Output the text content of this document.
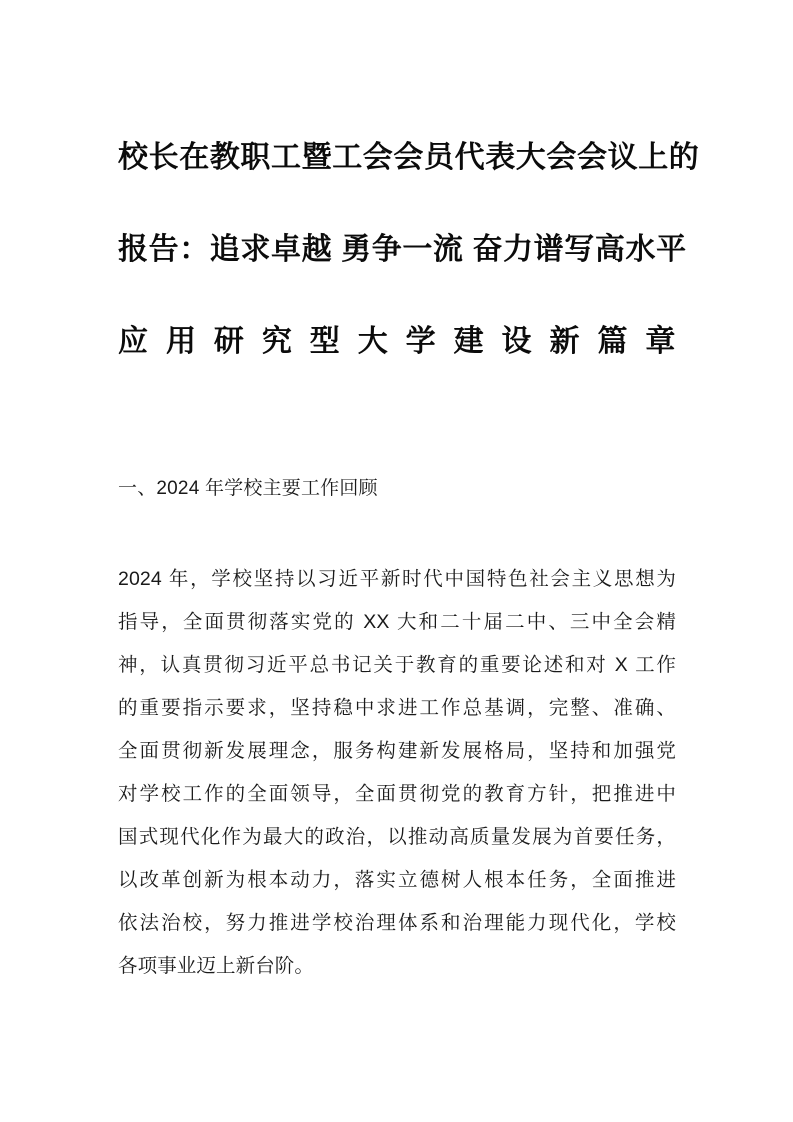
校长在教职工暨工会会员代表大会会议上的
报告：追求卓越 勇争一流 奋力谱写高水平
应用研究型大学建设新篇章
一、2024 年学校主要工作回顾

2024 年，学校坚持以习近平新时代中国特色社会主义思想为
指导，全面贯彻落实党的 XX 大和二十届二中、三中全会精
神，认真贯彻习近平总书记关于教育的重要论述和对 X 工作
的重要指示要求，坚持稳中求进工作总基调，完整、准确、
全面贯彻新发展理念，服务构建新发展格局，坚持和加强党
对学校工作的全面领导，全面贯彻党的教育方针，把推进中
国式现代化作为最大的政治，以推动高质量发展为首要任务，
以改革创新为根本动力，落实立德树人根本任务，全面推进
依法治校，努力推进学校治理体系和治理能力现代化，学校
各项事业迈上新台阶。
